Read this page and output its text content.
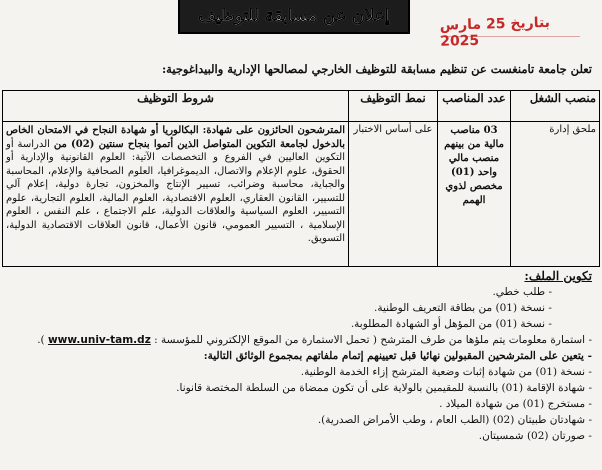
إعلان عن مسابقة للتوظيف	بتاريخ 25 مارس 2025
تعلن جامعة تامنغست عن تنظيم مسابقة للتوظيف الخارجي لمصالحها الإدارية والبيداغوجية:
منصب الشغل	عدد المناصب	نمط التوظيف	شروط التوظيف
ملحق إدارة	03 مناصب مالية من بينهم منصب مالي واحد (01) مخصص لذوي الهمم	على أساس الاختبار	المترشحون الحائزون على شهادة: البكالوريا أو شهادة النجاح في الامتحان الخاص بالدخول لجامعة التكوين المتواصل الذين أتموا بنجاح سنتين (02) من الدراسة أو التكوين العاليين في الفروع و التخصصات الآتية: العلوم القانونية والإدارية أو الحقوق، علوم الإعلام والاتصال، الديموغرافيا، العلوم الصحافية والإعلام، المحاسبة والجباية، محاسبة وضرائب، تسيير الإنتاج والمخزون، تجارة دولية، إعلام آلي للتسيير، القانون العقاري، العلوم الاقتصادية، العلوم المالية، العلوم التجارية، علوم التسيير، العلوم السياسية والعلاقات الدولية، علم الاجتماع ، علم النفس ، العلوم الإسلامية ، التسيير العمومي، قانون الأعمال، قانون العلاقات الاقتصادية الدولية، التسويق.
تكوين الملف:
- طلب خطي.
- نسخة (01) من بطاقة التعريف الوطنية.
- نسخة (01) من المؤهل أو الشهادة المطلوبة.
- استمارة معلومات يتم ملؤها من طرف المترشح ( تحمل الاستمارة من الموقع الإلكتروني للمؤسسة : www.univ-tam.dz ).
- يتعين على المترشحين المقبولين نهائيا قبل تعيينهم إتمام ملفاتهم بمجموع الوثائق التالية:
- نسخة (01) من شهادة إثبات وضعية المترشح إزاء الخدمة الوطنية.
- شهادة الإقامة (01) بالنسبة للمقيمين بالولاية على أن تكون ممضاة من السلطة المختصة قانونا.
- مستخرج (01) من شهادة الميلاد .
- شهادتان طبيتان (02) (الطب العام ، وطب الأمراض الصدرية).
- صورتان (02) شمسيتان.
